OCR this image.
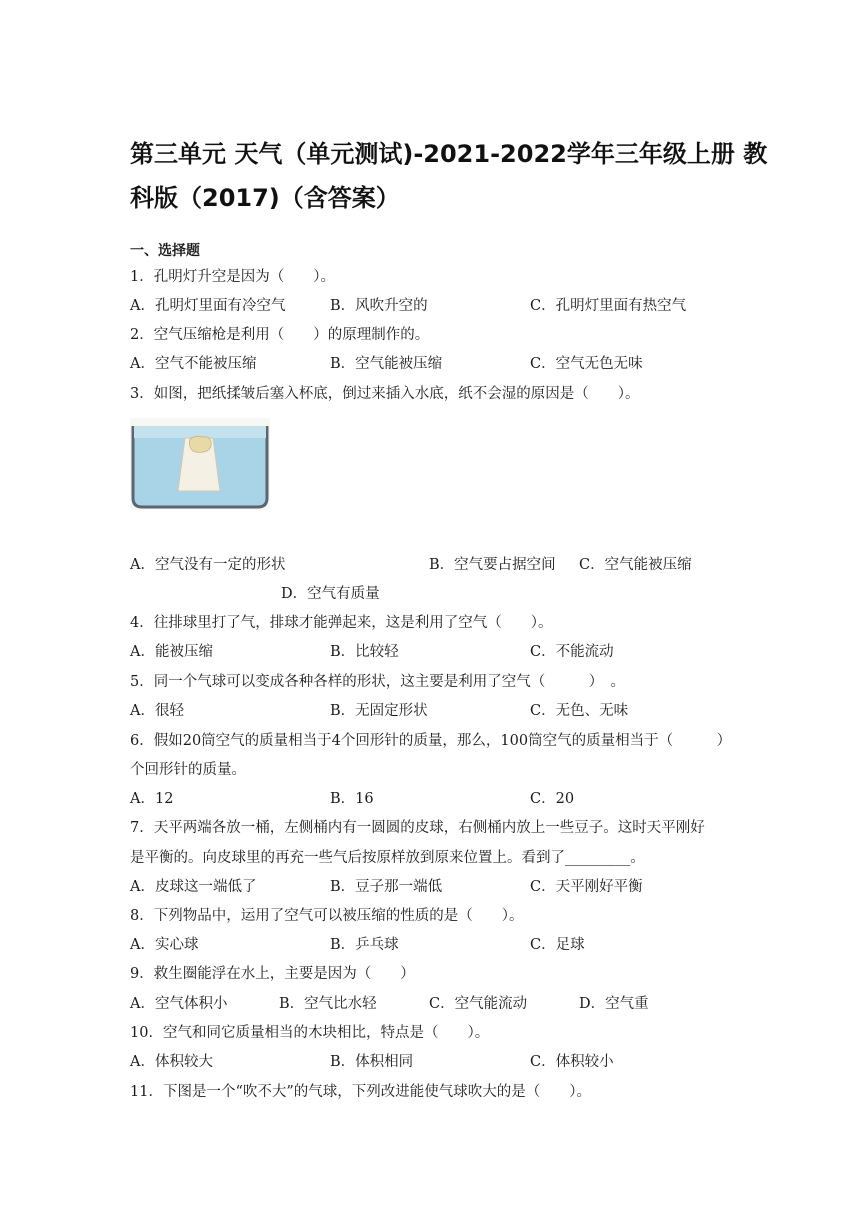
第三单元 天气（单元测试)-2021-2022学年三年级上册 教
科版（2017)（含答案）
一、选择题
1．孔明灯升空是因为（　　）。
A．孔明灯里面有冷空气	B．风吹升空的	C．孔明灯里面有热空气
2．空气压缩枪是利用（　　）的原理制作的。
A．空气不能被压缩	B．空气能被压缩	C．空气无色无味
3．如图，把纸揉皱后塞入杯底，倒过来插入水底，纸不会湿的原因是（　　）。
A．空气没有一定的形状	B．空气要占据空间 C．空气能被压缩
D．空气有质量
4．往排球里打了气，排球才能弹起来，这是利用了空气（　　）。
A．能被压缩	B．比较轻	C．不能流动
5．同一个气球可以变成各种各样的形状，这主要是利用了空气（　　　）　。
A．很轻	B．无固定形状	C．无色、无味
6．假如20筒空气的质量相当于4个回形针的质量，那么，100筒空气的质量相当于（　　　）
个回形针的质量。
A．12	B．16	C．20
7．天平两端各放一桶，左侧桶内有一圆圆的皮球，右侧桶内放上一些豆子。这时天平刚好
是平衡的。向皮球里的再充一些气后按原样放到原来位置上。看到了_________。
A．皮球这一端低了	B．豆子那一端低	C．天平刚好平衡
8．下列物品中，运用了空气可以被压缩的性质的是（　　）。
A．实心球	B．乒乓球	C．足球
9．救生圈能浮在水上，主要是因为（　　）
A．空气体积小	B．空气比水轻	C．空气能流动	D．空气重
10．空气和同它质量相当的木块相比，特点是（　　）。
A．体积较大	B．体积相同	C．体积较小
11．下图是一个“吹不大”的气球，下列改进能使气球吹大的是（　　）。
